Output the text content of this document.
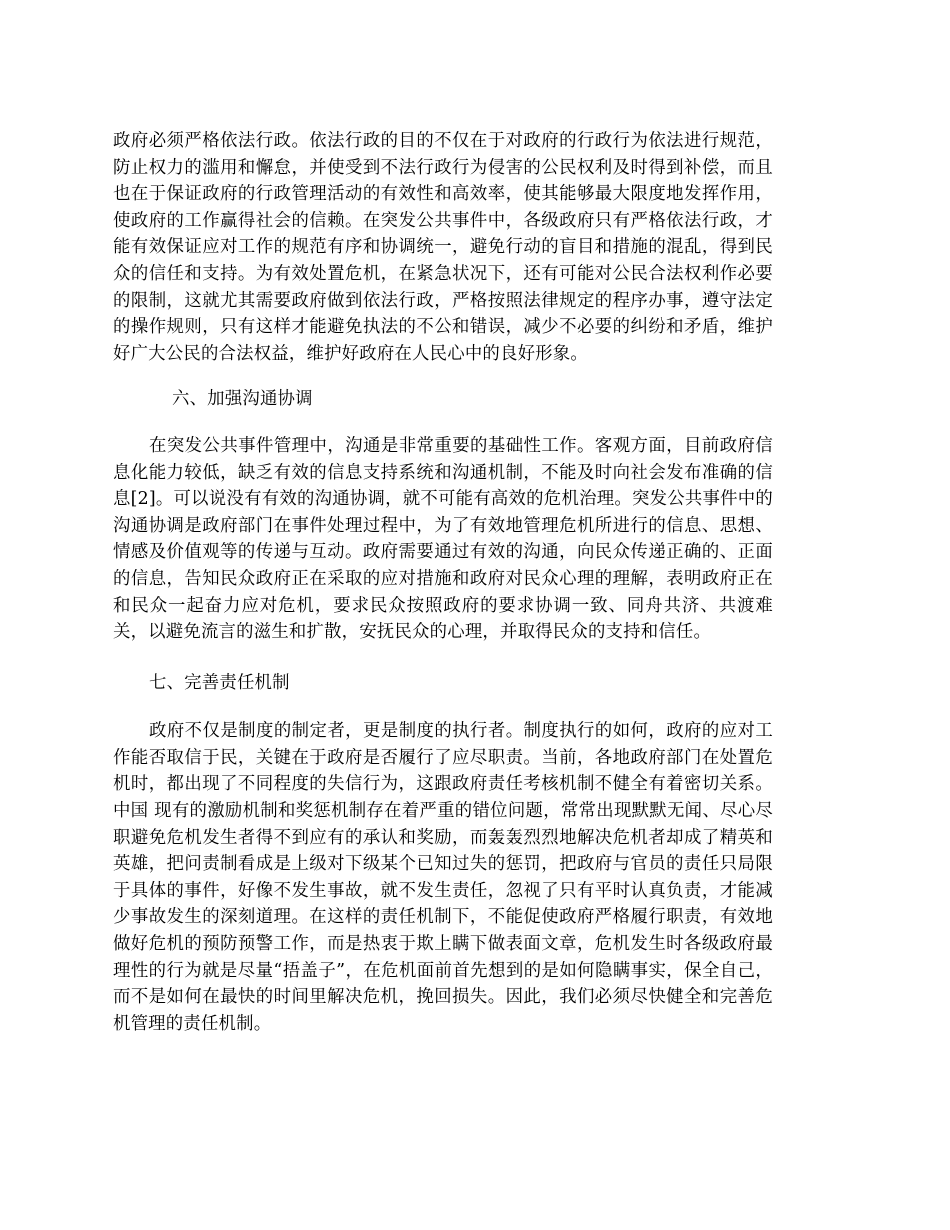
政府必须严格依法行政。依法行政的目的不仅在于对政府的行政行为依法进行规范，防止权力的滥用和懈怠，并使受到不法行政行为侵害的公民权利及时得到补偿，而且也在于保证政府的行政管理活动的有效性和高效率，使其能够最大限度地发挥作用，使政府的工作赢得社会的信赖。在突发公共事件中，各级政府只有严格依法行政，才能有效保证应对工作的规范有序和协调统一，避免行动的盲目和措施的混乱，得到民众的信任和支持。为有效处置危机，在紧急状况下，还有可能对公民合法权利作必要的限制，这就尤其需要政府做到依法行政，严格按照法律规定的程序办事，遵守法定的操作规则，只有这样才能避免执法的不公和错误，减少不必要的纠纷和矛盾，维护好广大公民的合法权益，维护好政府在人民心中的良好形象。

六、加强沟通协调

在突发公共事件管理中，沟通是非常重要的基础性工作。客观方面，目前政府信息化能力较低，缺乏有效的信息支持系统和沟通机制，不能及时向社会发布准确的信息[2]。可以说没有有效的沟通协调，就不可能有高效的危机治理。突发公共事件中的沟通协调是政府部门在事件处理过程中，为了有效地管理危机所进行的信息、思想、情感及价值观等的传递与互动。政府需要通过有效的沟通，向民众传递正确的、正面的信息，告知民众政府正在采取的应对措施和政府对民众心理的理解，表明政府正在和民众一起奋力应对危机，要求民众按照政府的要求协调一致、同舟共济、共渡难关，以避免流言的滋生和扩散，安抚民众的心理，并取得民众的支持和信任。

七、完善责任机制

政府不仅是制度的制定者，更是制度的执行者。制度执行的如何，政府的应对工作能否取信于民，关键在于政府是否履行了应尽职责。当前，各地政府部门在处置危机时，都出现了不同程度的失信行为，这跟政府责任考核机制不健全有着密切关系。 中国 现有的激励机制和奖惩机制存在着严重的错位问题，常常出现默默无闻、尽心尽职避免危机发生者得不到应有的承认和奖励，而轰轰烈烈地解决危机者却成了精英和英雄，把问责制看成是上级对下级某个已知过失的惩罚，把政府与官员的责任只局限于具体的事件，好像不发生事故，就不发生责任，忽视了只有平时认真负责，才能减少事故发生的深刻道理。在这样的责任机制下，不能促使政府严格履行职责，有效地做好危机的预防预警工作，而是热衷于欺上瞒下做表面文章，危机发生时各级政府最理性的行为就是尽量“捂盖子”，在危机面前首先想到的是如何隐瞒事实，保全自己，而不是如何在最快的时间里解决危机，挽回损失。因此，我们必须尽快健全和完善危机管理的责任机制。
